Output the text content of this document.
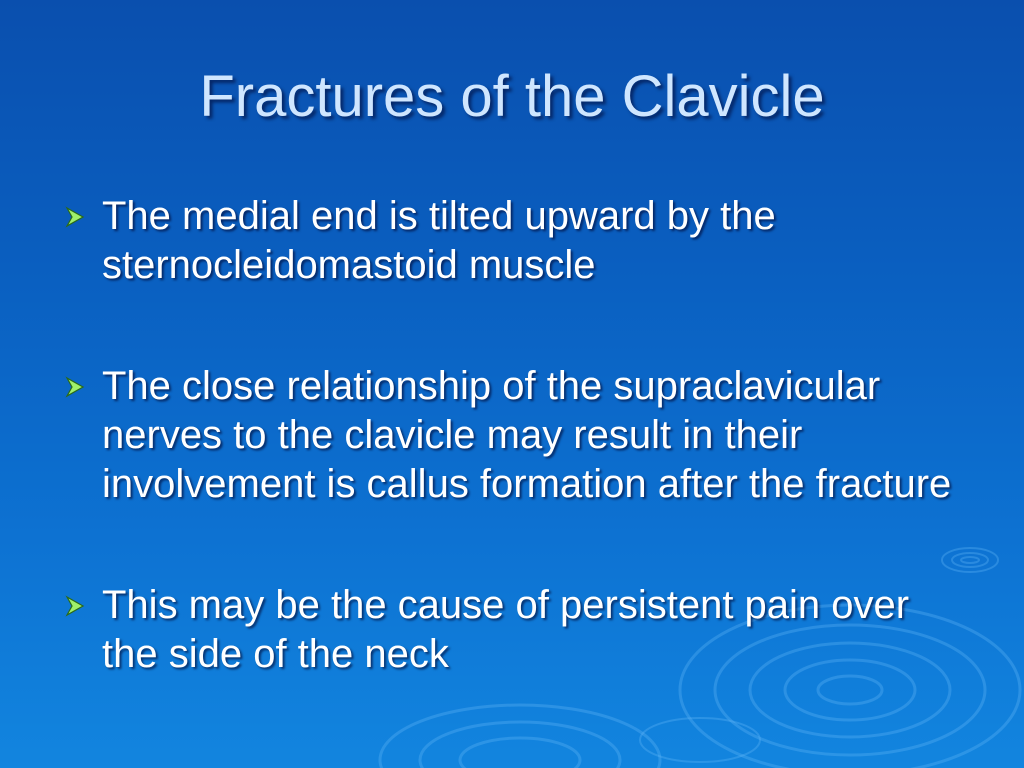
Fractures of the Clavicle
The medial end is tilted upward by the sternocleidomastoid muscle
The close relationship of the supraclavicular nerves to the clavicle may result in their involvement is callus formation after the fracture
This may be the cause of persistent pain over the side of the neck
